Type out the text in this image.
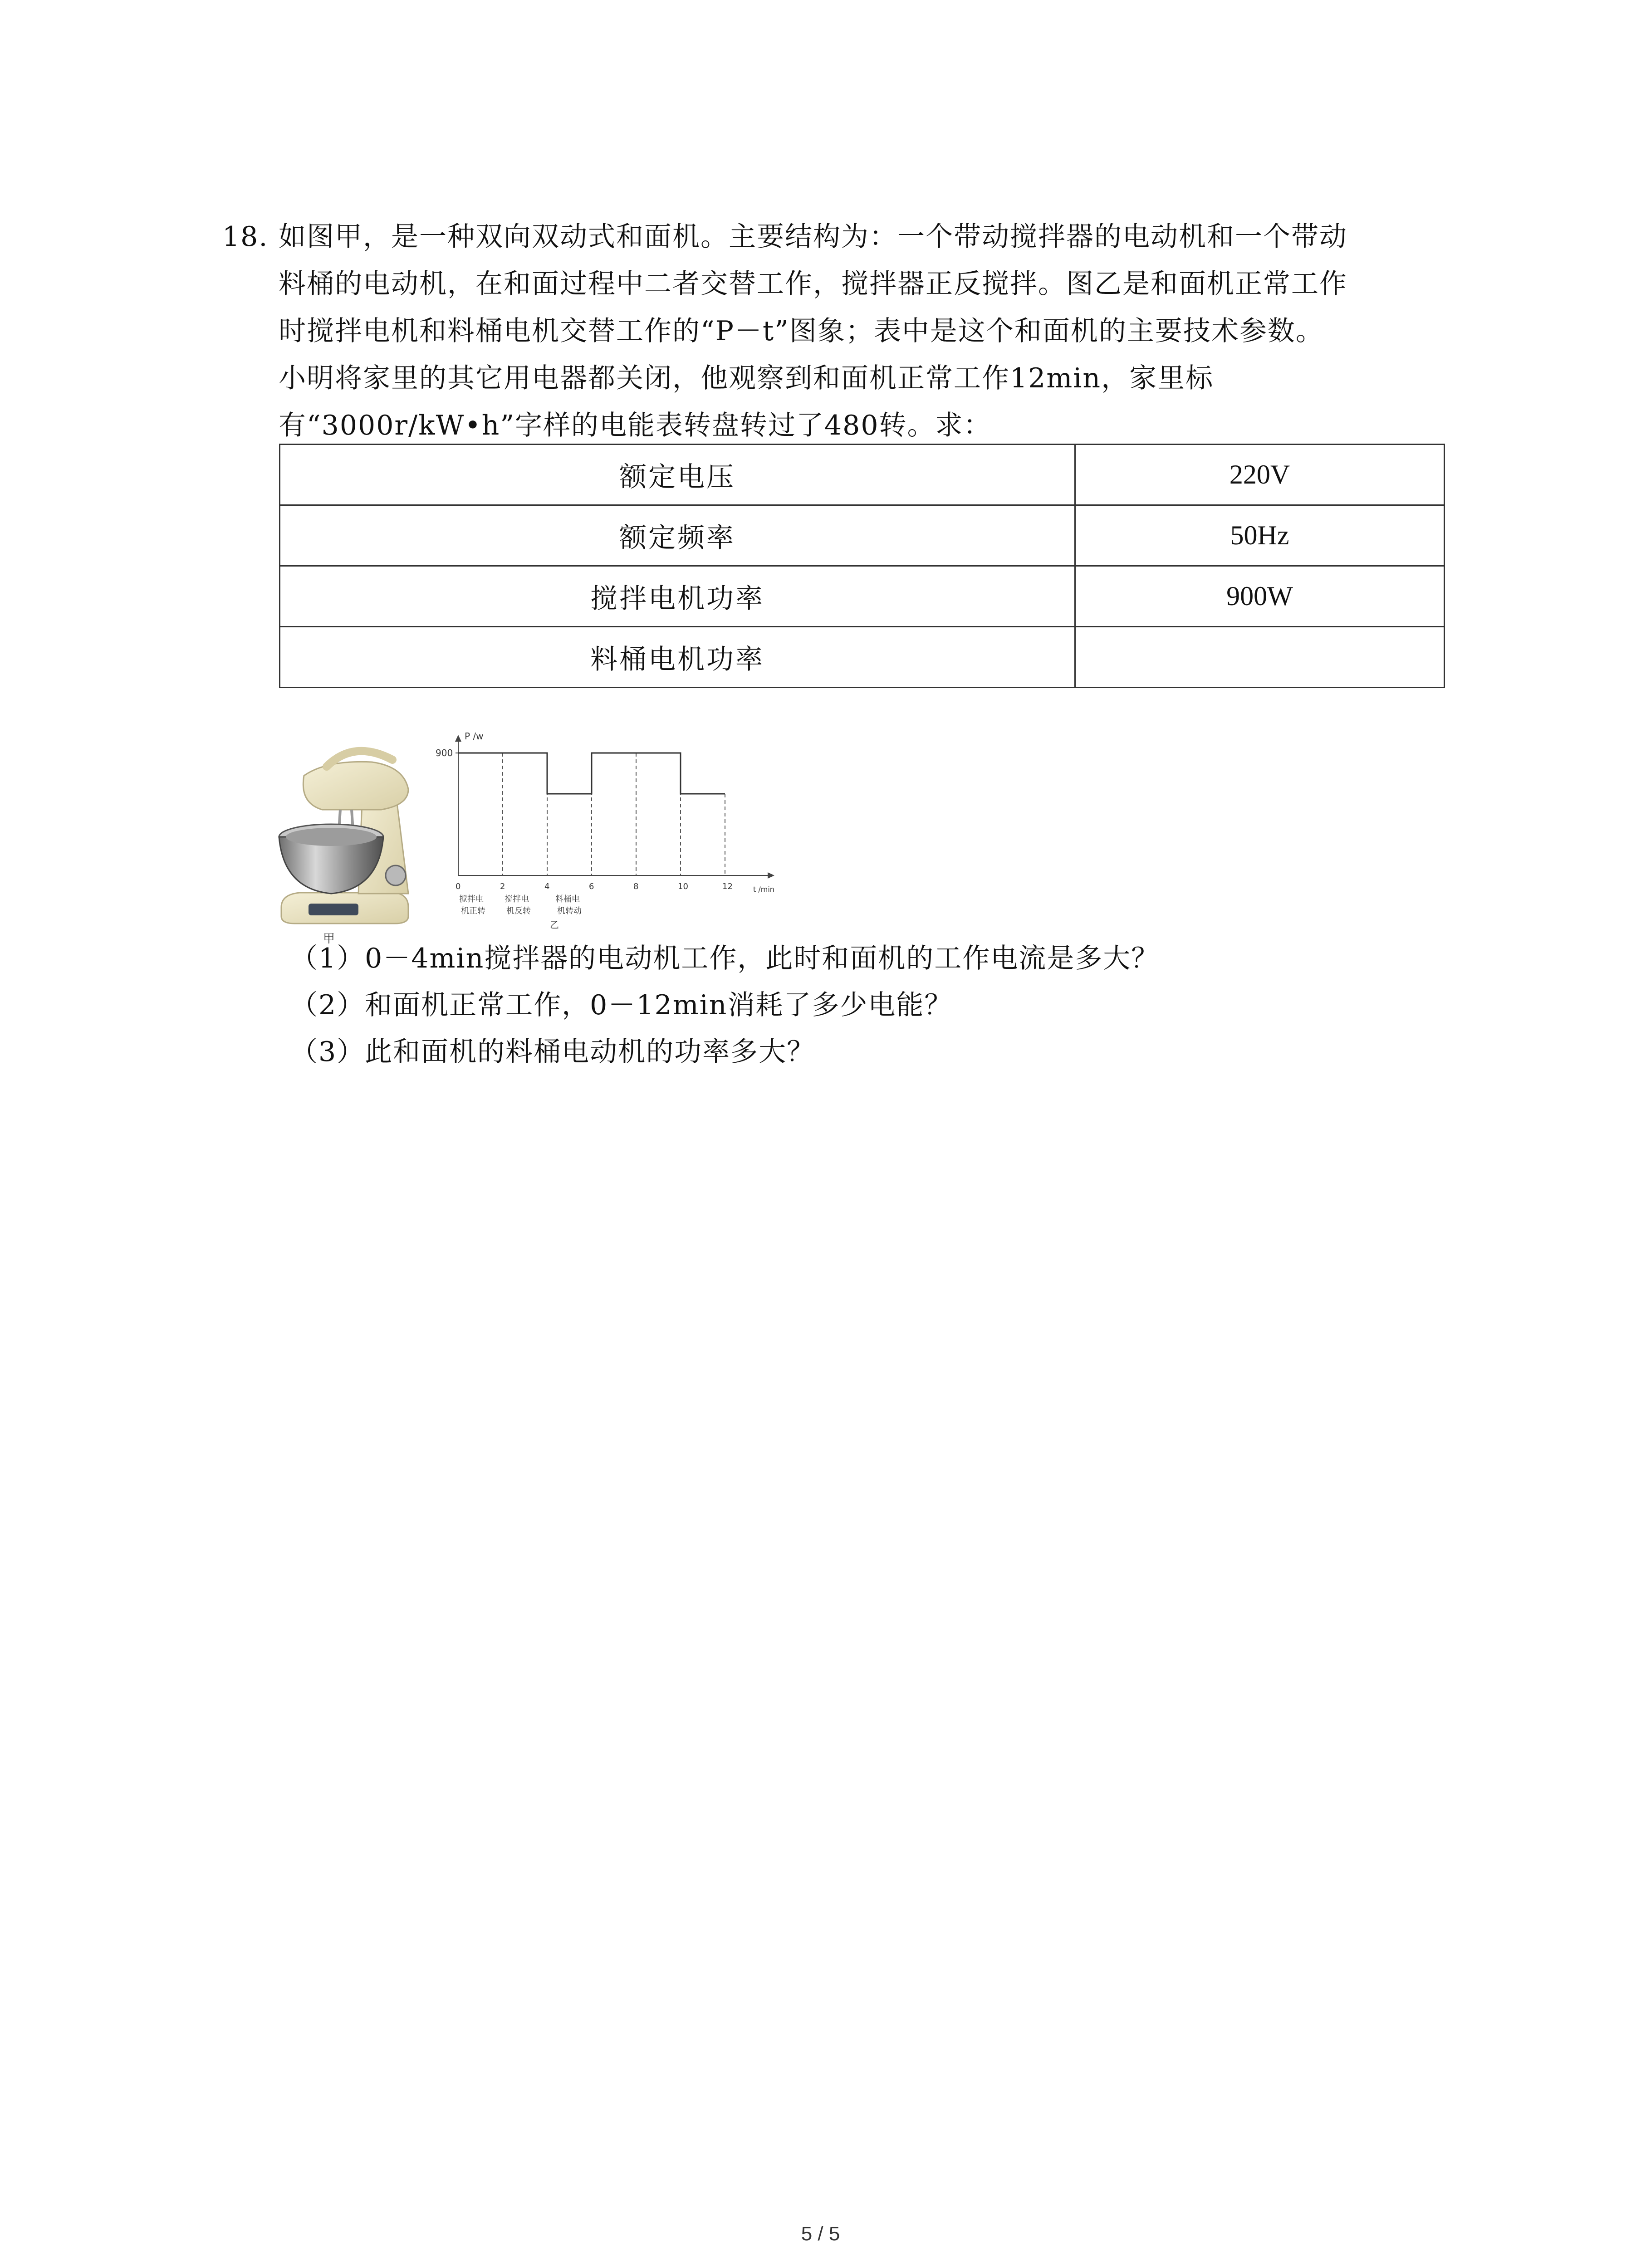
18. 如图甲，是一种双向双动式和面机。主要结构为：一个带动搅拌器的电动机和一个带动
料桶的电动机，在和面过程中二者交替工作，搅拌器正反搅拌。图乙是和面机正常工作
时搅拌电机和料桶电机交替工作的“P－t”图象；表中是这个和面机的主要技术参数。
小明将家里的其它用电器都关闭，他观察到和面机正常工作12min，家里标
有“3000r/kW•h”字样的电能表转盘转过了480转。求：
额定电压	220V
额定频率	50Hz
搅拌电机功率	900W
料桶电机功率	
甲
P /w
t /min
900
0	2	4	6	8	10	12
搅拌电
机正转
搅拌电
机反转
料桶电
机转动
乙
（1）0－4min搅拌器的电动机工作，此时和面机的工作电流是多大？
（2）和面机正常工作，0－12min消耗了多少电能？
（3）此和面机的料桶电动机的功率多大？
5 / 5
